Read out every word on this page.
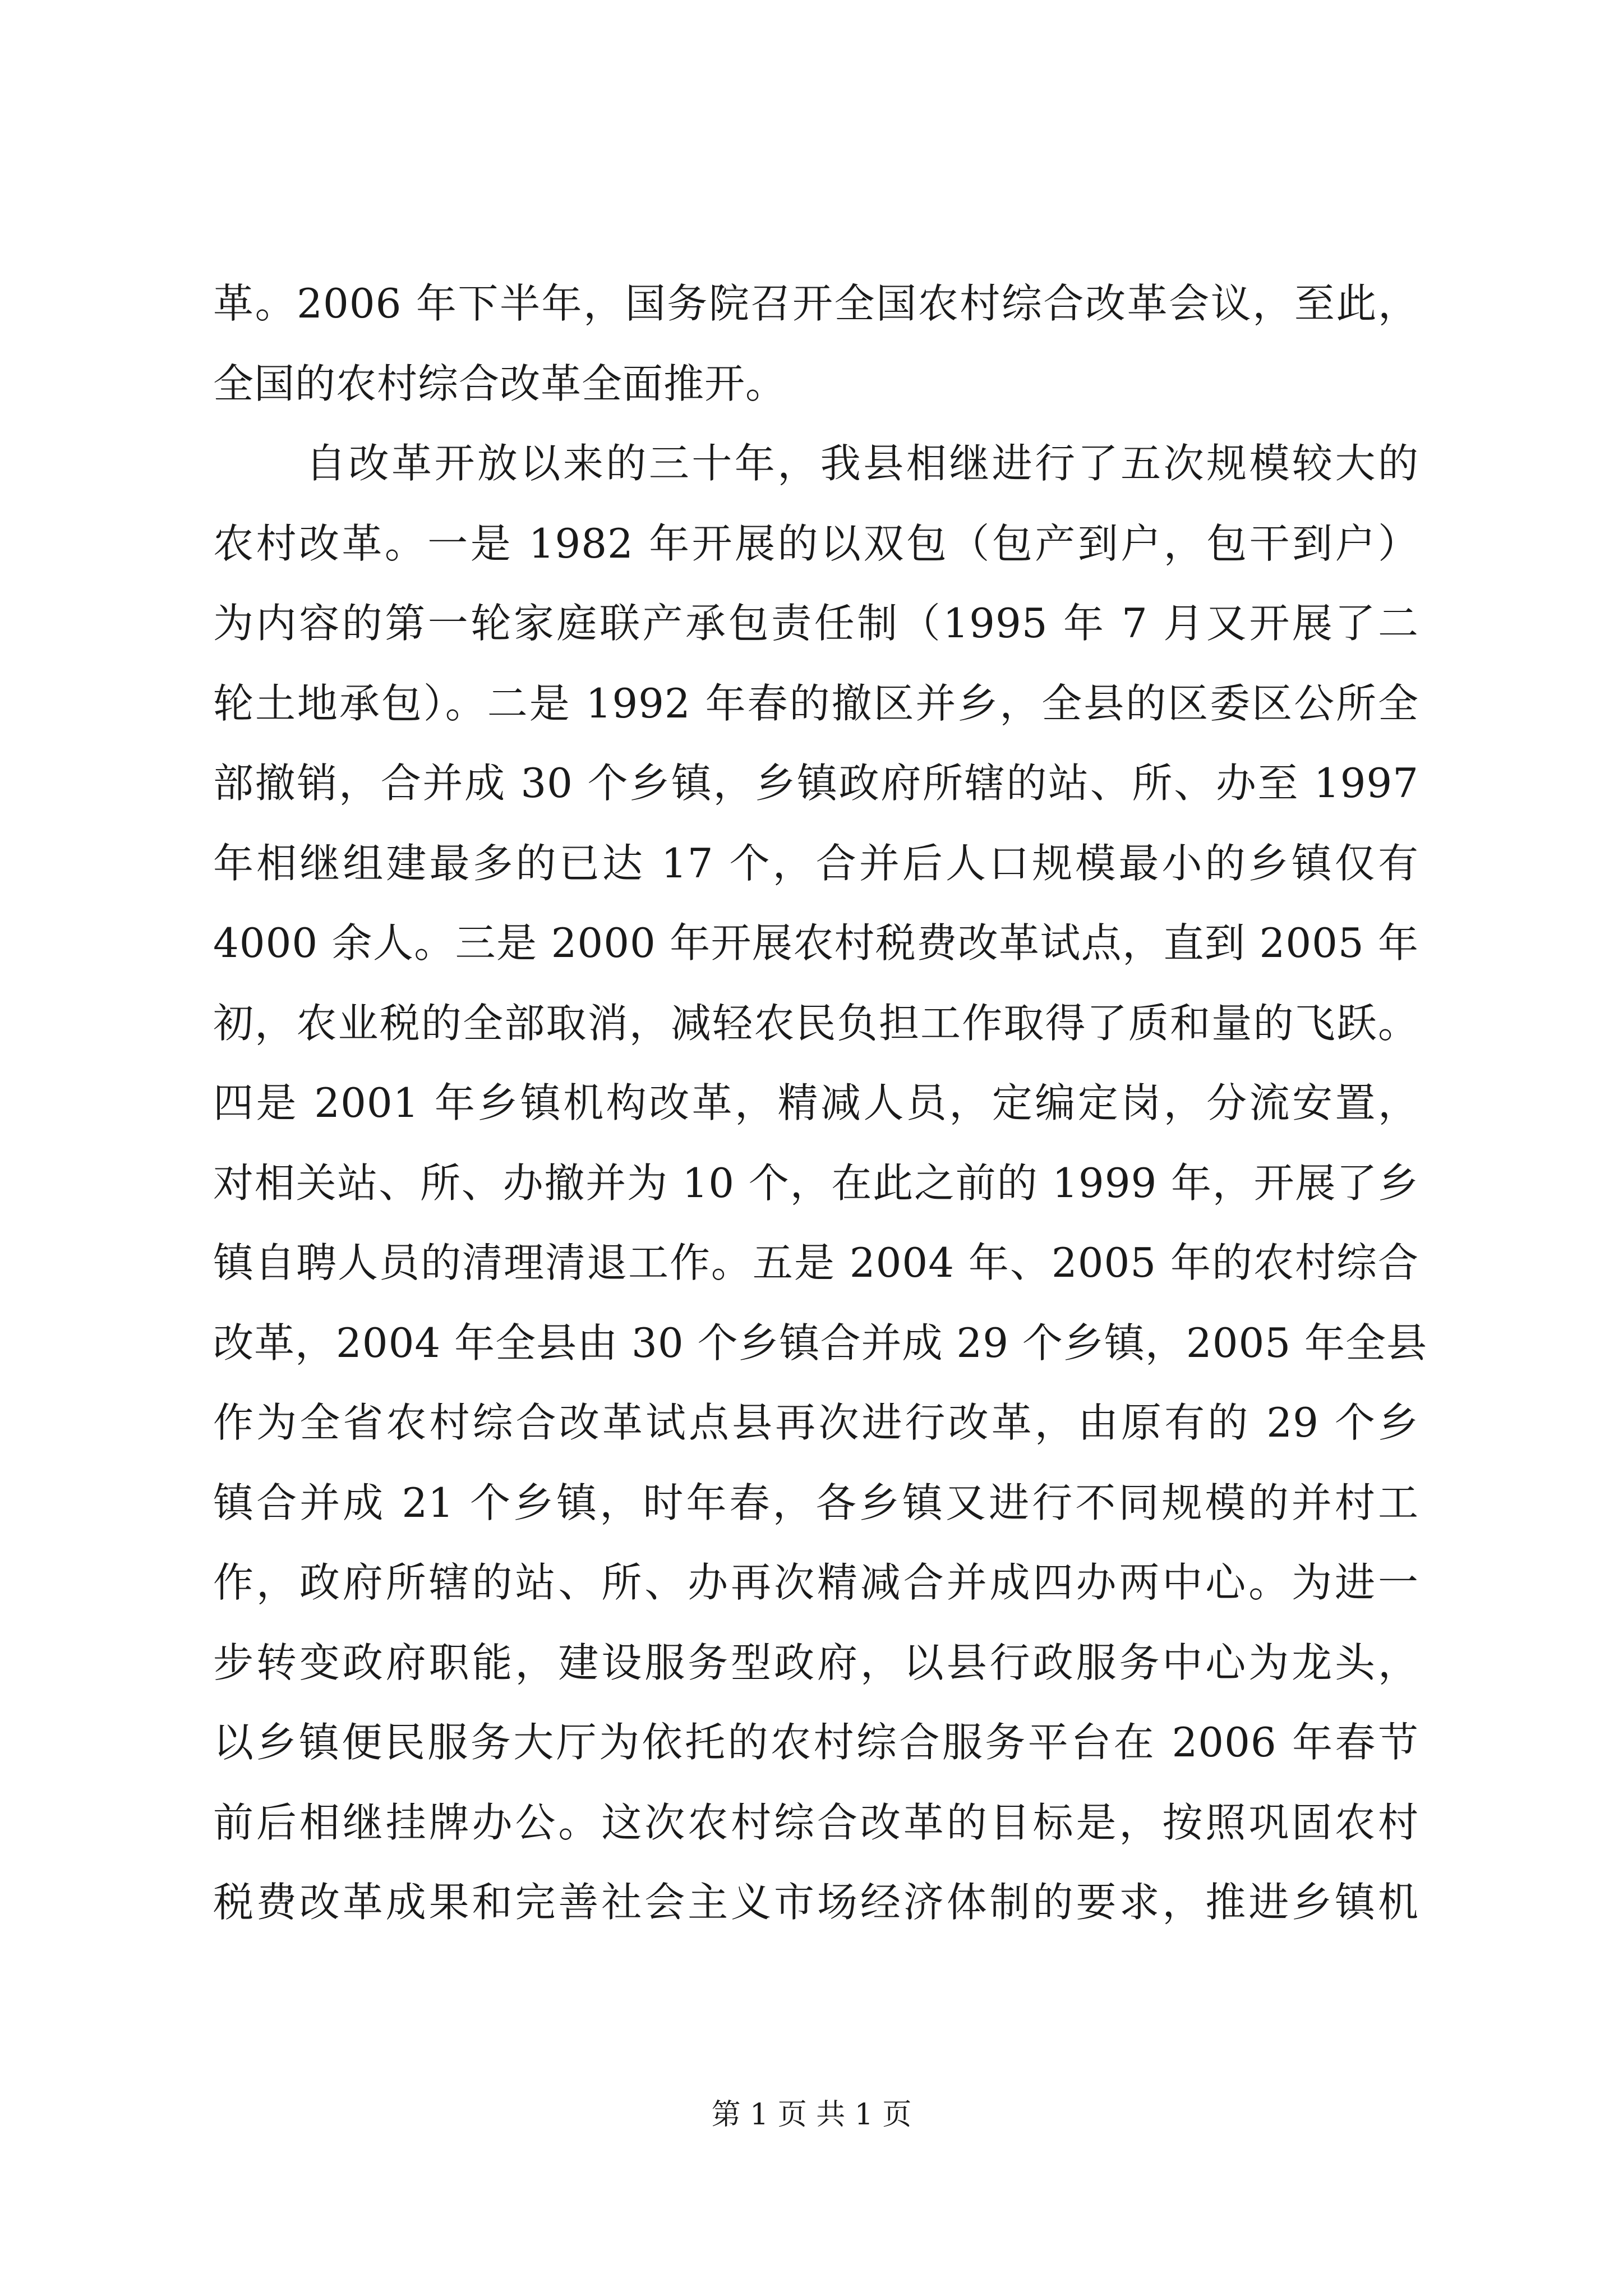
革。2006 年下半年，国务院召开全国农村综合改革会议，至此，
全国的农村综合改革全面推开。
自改革开放以来的三十年，我县相继进行了五次规模较大的
农村改革。一是 1982 年开展的以双包（包产到户，包干到户）
为内容的第一轮家庭联产承包责任制（1995 年 7 月又开展了二
轮土地承包）。二是 1992 年春的撤区并乡，全县的区委区公所全
部撤销，合并成 30 个乡镇，乡镇政府所辖的站、所、办至 1997
年相继组建最多的已达 17 个，合并后人口规模最小的乡镇仅有
4000 余人。三是 2000 年开展农村税费改革试点，直到 2005 年
初，农业税的全部取消，减轻农民负担工作取得了质和量的飞跃。
四是 2001 年乡镇机构改革，精减人员，定编定岗，分流安置，
对相关站、所、办撤并为 10 个，在此之前的 1999 年，开展了乡
镇自聘人员的清理清退工作。五是 2004 年、2005 年的农村综合
改革，2004 年全县由 30 个乡镇合并成 29 个乡镇，2005 年全县
作为全省农村综合改革试点县再次进行改革，由原有的 29 个乡
镇合并成 21 个乡镇，时年春，各乡镇又进行不同规模的并村工
作，政府所辖的站、所、办再次精减合并成四办两中心。为进一
步转变政府职能，建设服务型政府，以县行政服务中心为龙头，
以乡镇便民服务大厅为依托的农村综合服务平台在 2006 年春节
前后相继挂牌办公。这次农村综合改革的目标是，按照巩固农村
税费改革成果和完善社会主义市场经济体制的要求，推进乡镇机
第 1 页 共 1 页
